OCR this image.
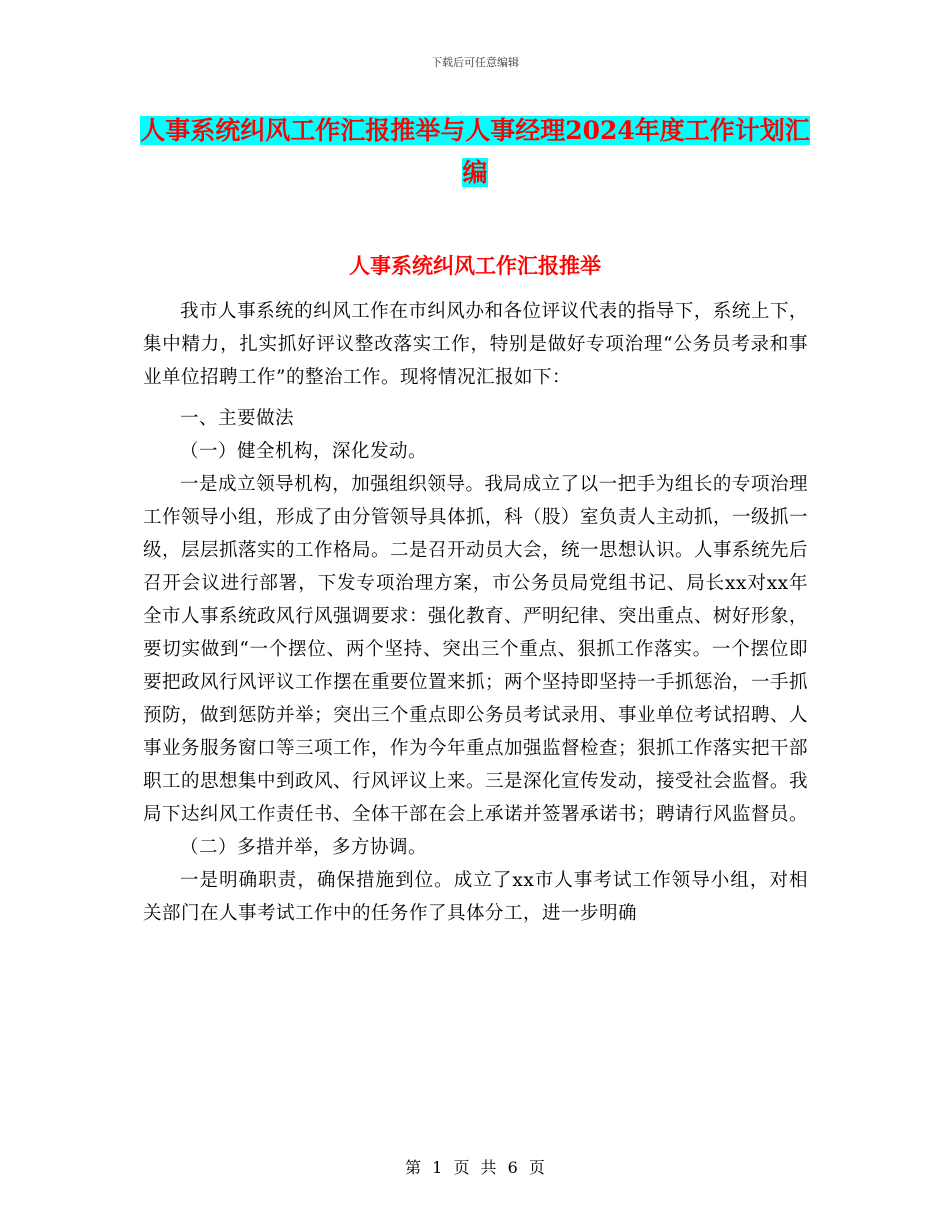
下载后可任意编辑
人事系统纠风工作汇报推举与人事经理2024年度工作计划汇编
人事系统纠风工作汇报推举

我市人事系统的纠风工作在市纠风办和各位评议代表的指导下，系统上下，集中精力，扎实抓好评议整改落实工作，特别是做好专项治理“公务员考录和事业单位招聘工作”的整治工作。现将情况汇报如下：

一、主要做法

（一）健全机构，深化发动。

一是成立领导机构，加强组织领导。我局成立了以一把手为组长的专项治理工作领导小组，形成了由分管领导具体抓，科（股）室负责人主动抓，一级抓一级，层层抓落实的工作格局。二是召开动员大会，统一思想认识。人事系统先后召开会议进行部署，下发专项治理方案，市公务员局党组书记、局长xx对xx年全市人事系统政风行风强调要求：强化教育、严明纪律、突出重点、树好形象，要切实做到“一个摆位、两个坚持、突出三个重点、狠抓工作落实。一个摆位即要把政风行风评议工作摆在重要位置来抓；两个坚持即坚持一手抓惩治，一手抓预防，做到惩防并举；突出三个重点即公务员考试录用、事业单位考试招聘、人事业务服务窗口等三项工作，作为今年重点加强监督检查；狠抓工作落实把干部职工的思想集中到政风、行风评议上来。三是深化宣传发动，接受社会监督。我局下达纠风工作责任书、全体干部在会上承诺并签署承诺书；聘请行风监督员。

（二）多措并举，多方协调。

一是明确职责，确保措施到位。成立了xx市人事考试工作领导小组，对相关部门在人事考试工作中的任务作了具体分工，进一步明确

第 1 页 共 6 页
